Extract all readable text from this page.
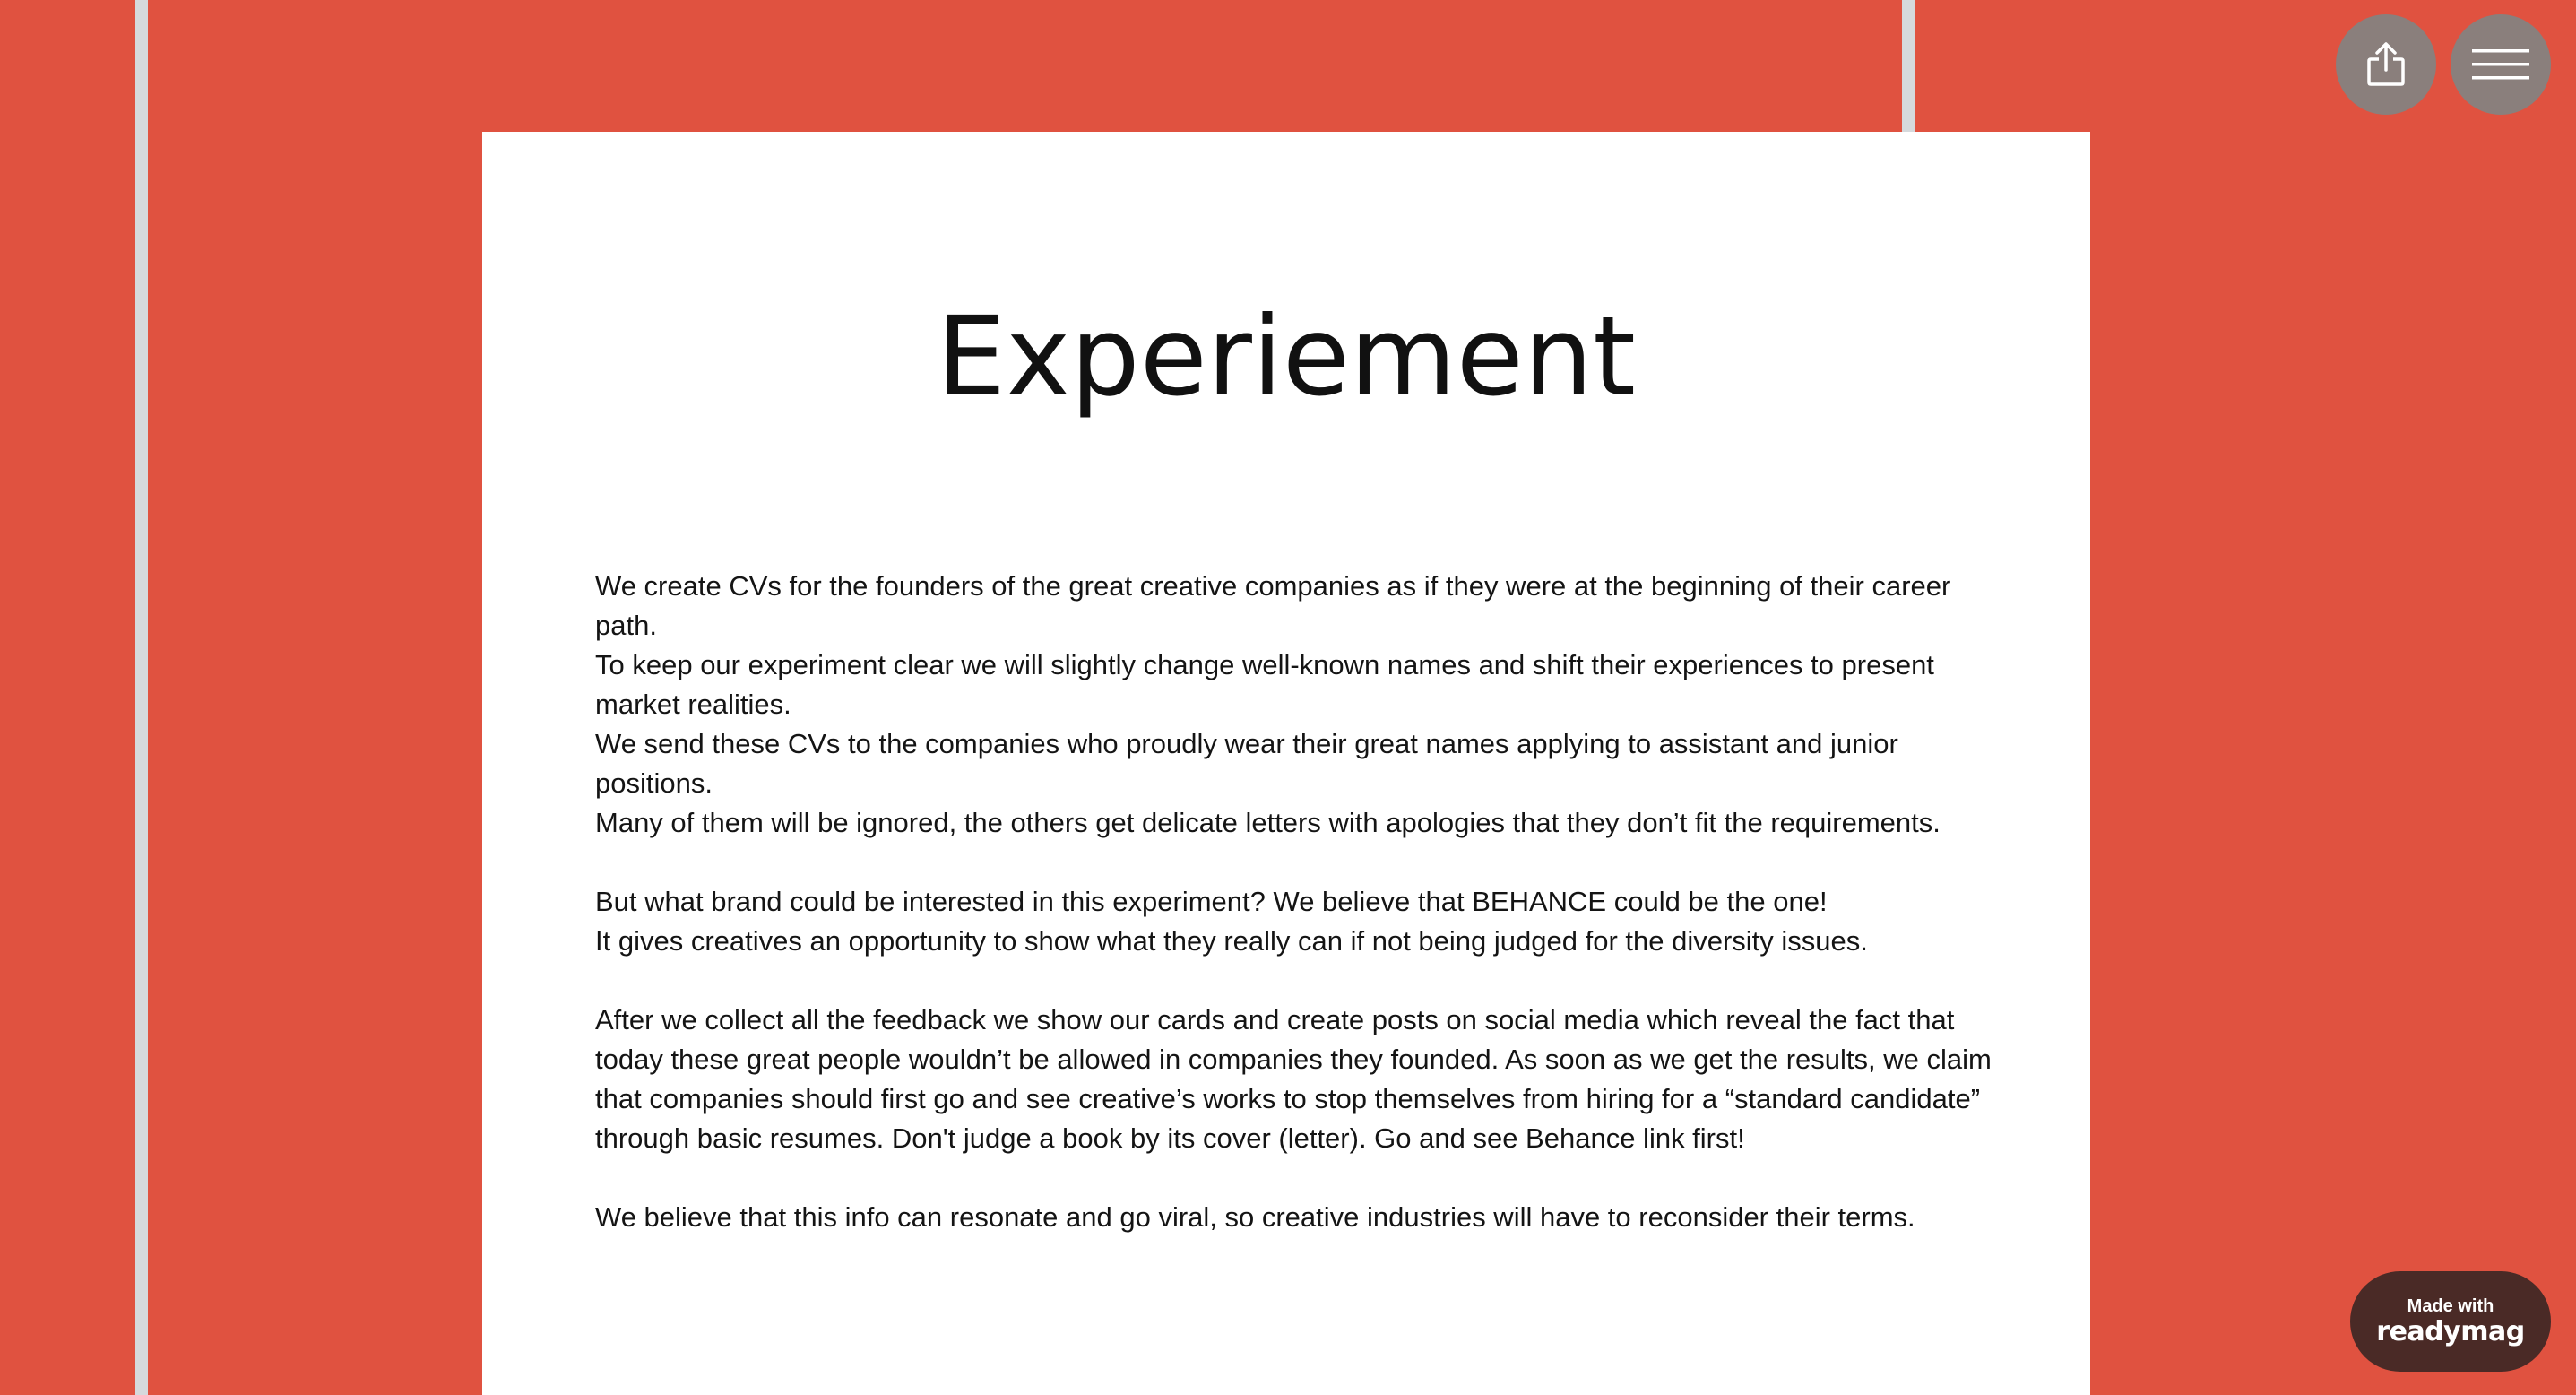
Experiement

We create CVs for the founders of the great creative companies as if they were at the beginning of their career path.

To keep our experiment clear we will slightly change well-known names and shift their experiences to present market realities.

We send these CVs to the companies who proudly wear their great names applying to assistant and junior positions.

Many of them will be ignored, the others get delicate letters with apologies that they don’t fit the requirements.

But what brand could be interested in this experiment? We believe that BEHANCE could be the one!

It gives creatives an opportunity to show what they really can if not being judged for the diversity issues.

After we collect all the feedback we show our cards and create posts on social media which reveal the fact that today these great people wouldn’t be allowed in companies they founded. As soon as we get the results, we claim that companies should first go and see creative’s works to stop themselves from hiring for a “standard candidate” through basic resumes. Don't judge a book by its cover (letter). Go and see Behance link first!

We believe that this info can resonate and go viral, so creative industries will have to reconsider their terms.

Made with
readymag
